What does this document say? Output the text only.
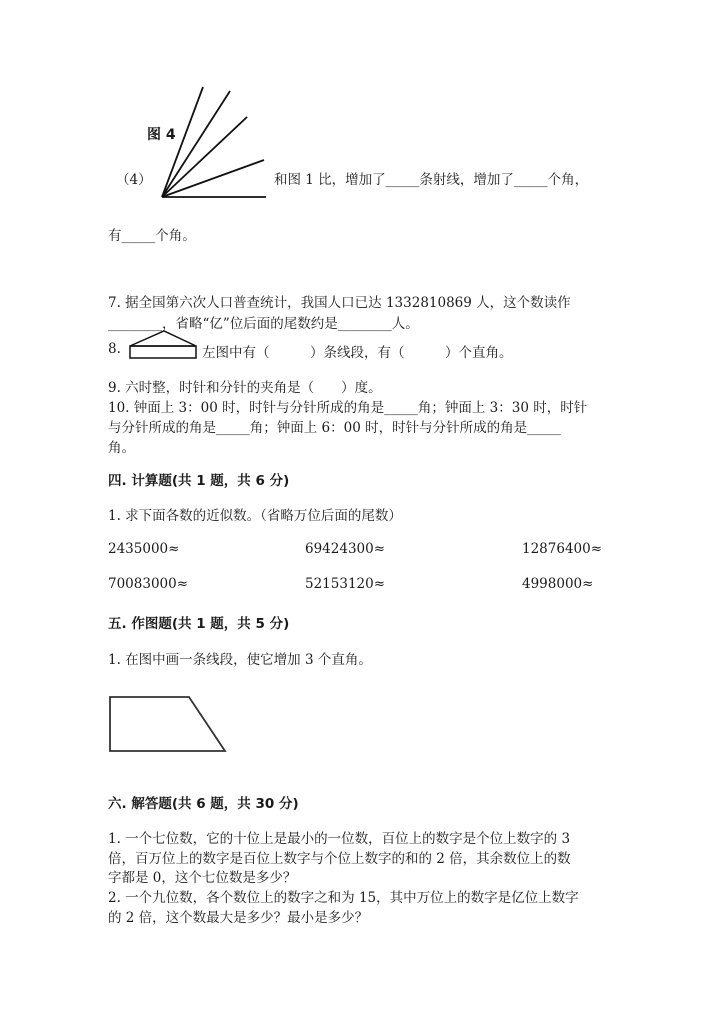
图 4
（4）	和图 1 比，增加了_____条射线，增加了_____个角，
有_____个角。
7. 据全国第六次人口普查统计，我国人口已达 1332810869 人，这个数读作
________，省略“亿”位后面的尾数约是________人。
8.	左图中有（　　　）条线段，有（　　　）个直角。
9. 六时整，时针和分针的夹角是（　　）度。
10. 钟面上 3：00 时，时针与分针所成的角是_____角；钟面上 3：30 时，时针
与分针所成的角是_____角；钟面上 6：00 时，时针与分针所成的角是_____
角。
四. 计算题(共 1 题，共 6 分)
1. 求下面各数的近似数。（省略万位后面的尾数）
2435000≈	69424300≈	12876400≈
70083000≈	52153120≈	4998000≈
五. 作图题(共 1 题，共 5 分)
1. 在图中画一条线段，使它增加 3 个直角。
六. 解答题(共 6 题，共 30 分)
1. 一个七位数，它的十位上是最小的一位数，百位上的数字是个位上数字的 3
倍，百万位上的数字是百位上数字与个位上数字的和的 2 倍，其余数位上的数
字都是 0，这个七位数是多少？
2. 一个九位数，各个数位上的数字之和为 15，其中万位上的数字是亿位上数字
的 2 倍，这个数最大是多少？最小是多少？
